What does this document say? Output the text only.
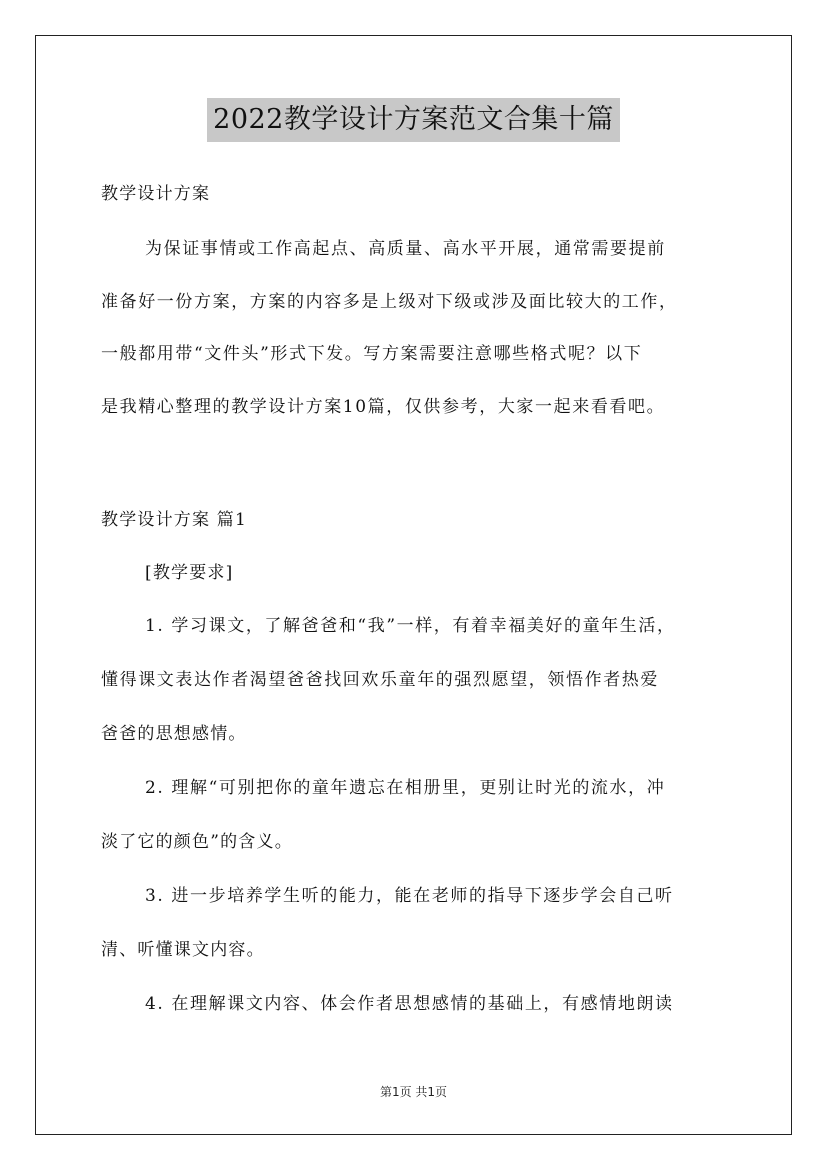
2022教学设计方案范文合集十篇

教学设计方案

为保证事情或工作高起点、高质量、高水平开展，通常需要提前

准备好一份方案，方案的内容多是上级对下级或涉及面比较大的工作，

一般都用带“文件头”形式下发。写方案需要注意哪些格式呢？以下

是我精心整理的教学设计方案10篇，仅供参考，大家一起来看看吧。

教学设计方案 篇1

[教学要求]

1. 学习课文，了解爸爸和“我”一样，有着幸福美好的童年生活，

懂得课文表达作者渴望爸爸找回欢乐童年的强烈愿望，领悟作者热爱

爸爸的思想感情。

2. 理解“可别把你的童年遗忘在相册里，更别让时光的流水，冲

淡了它的颜色”的含义。

3. 进一步培养学生听的能力，能在老师的指导下逐步学会自己听

清、听懂课文内容。

4. 在理解课文内容、体会作者思想感情的基础上，有感情地朗读

第1页 共1页
